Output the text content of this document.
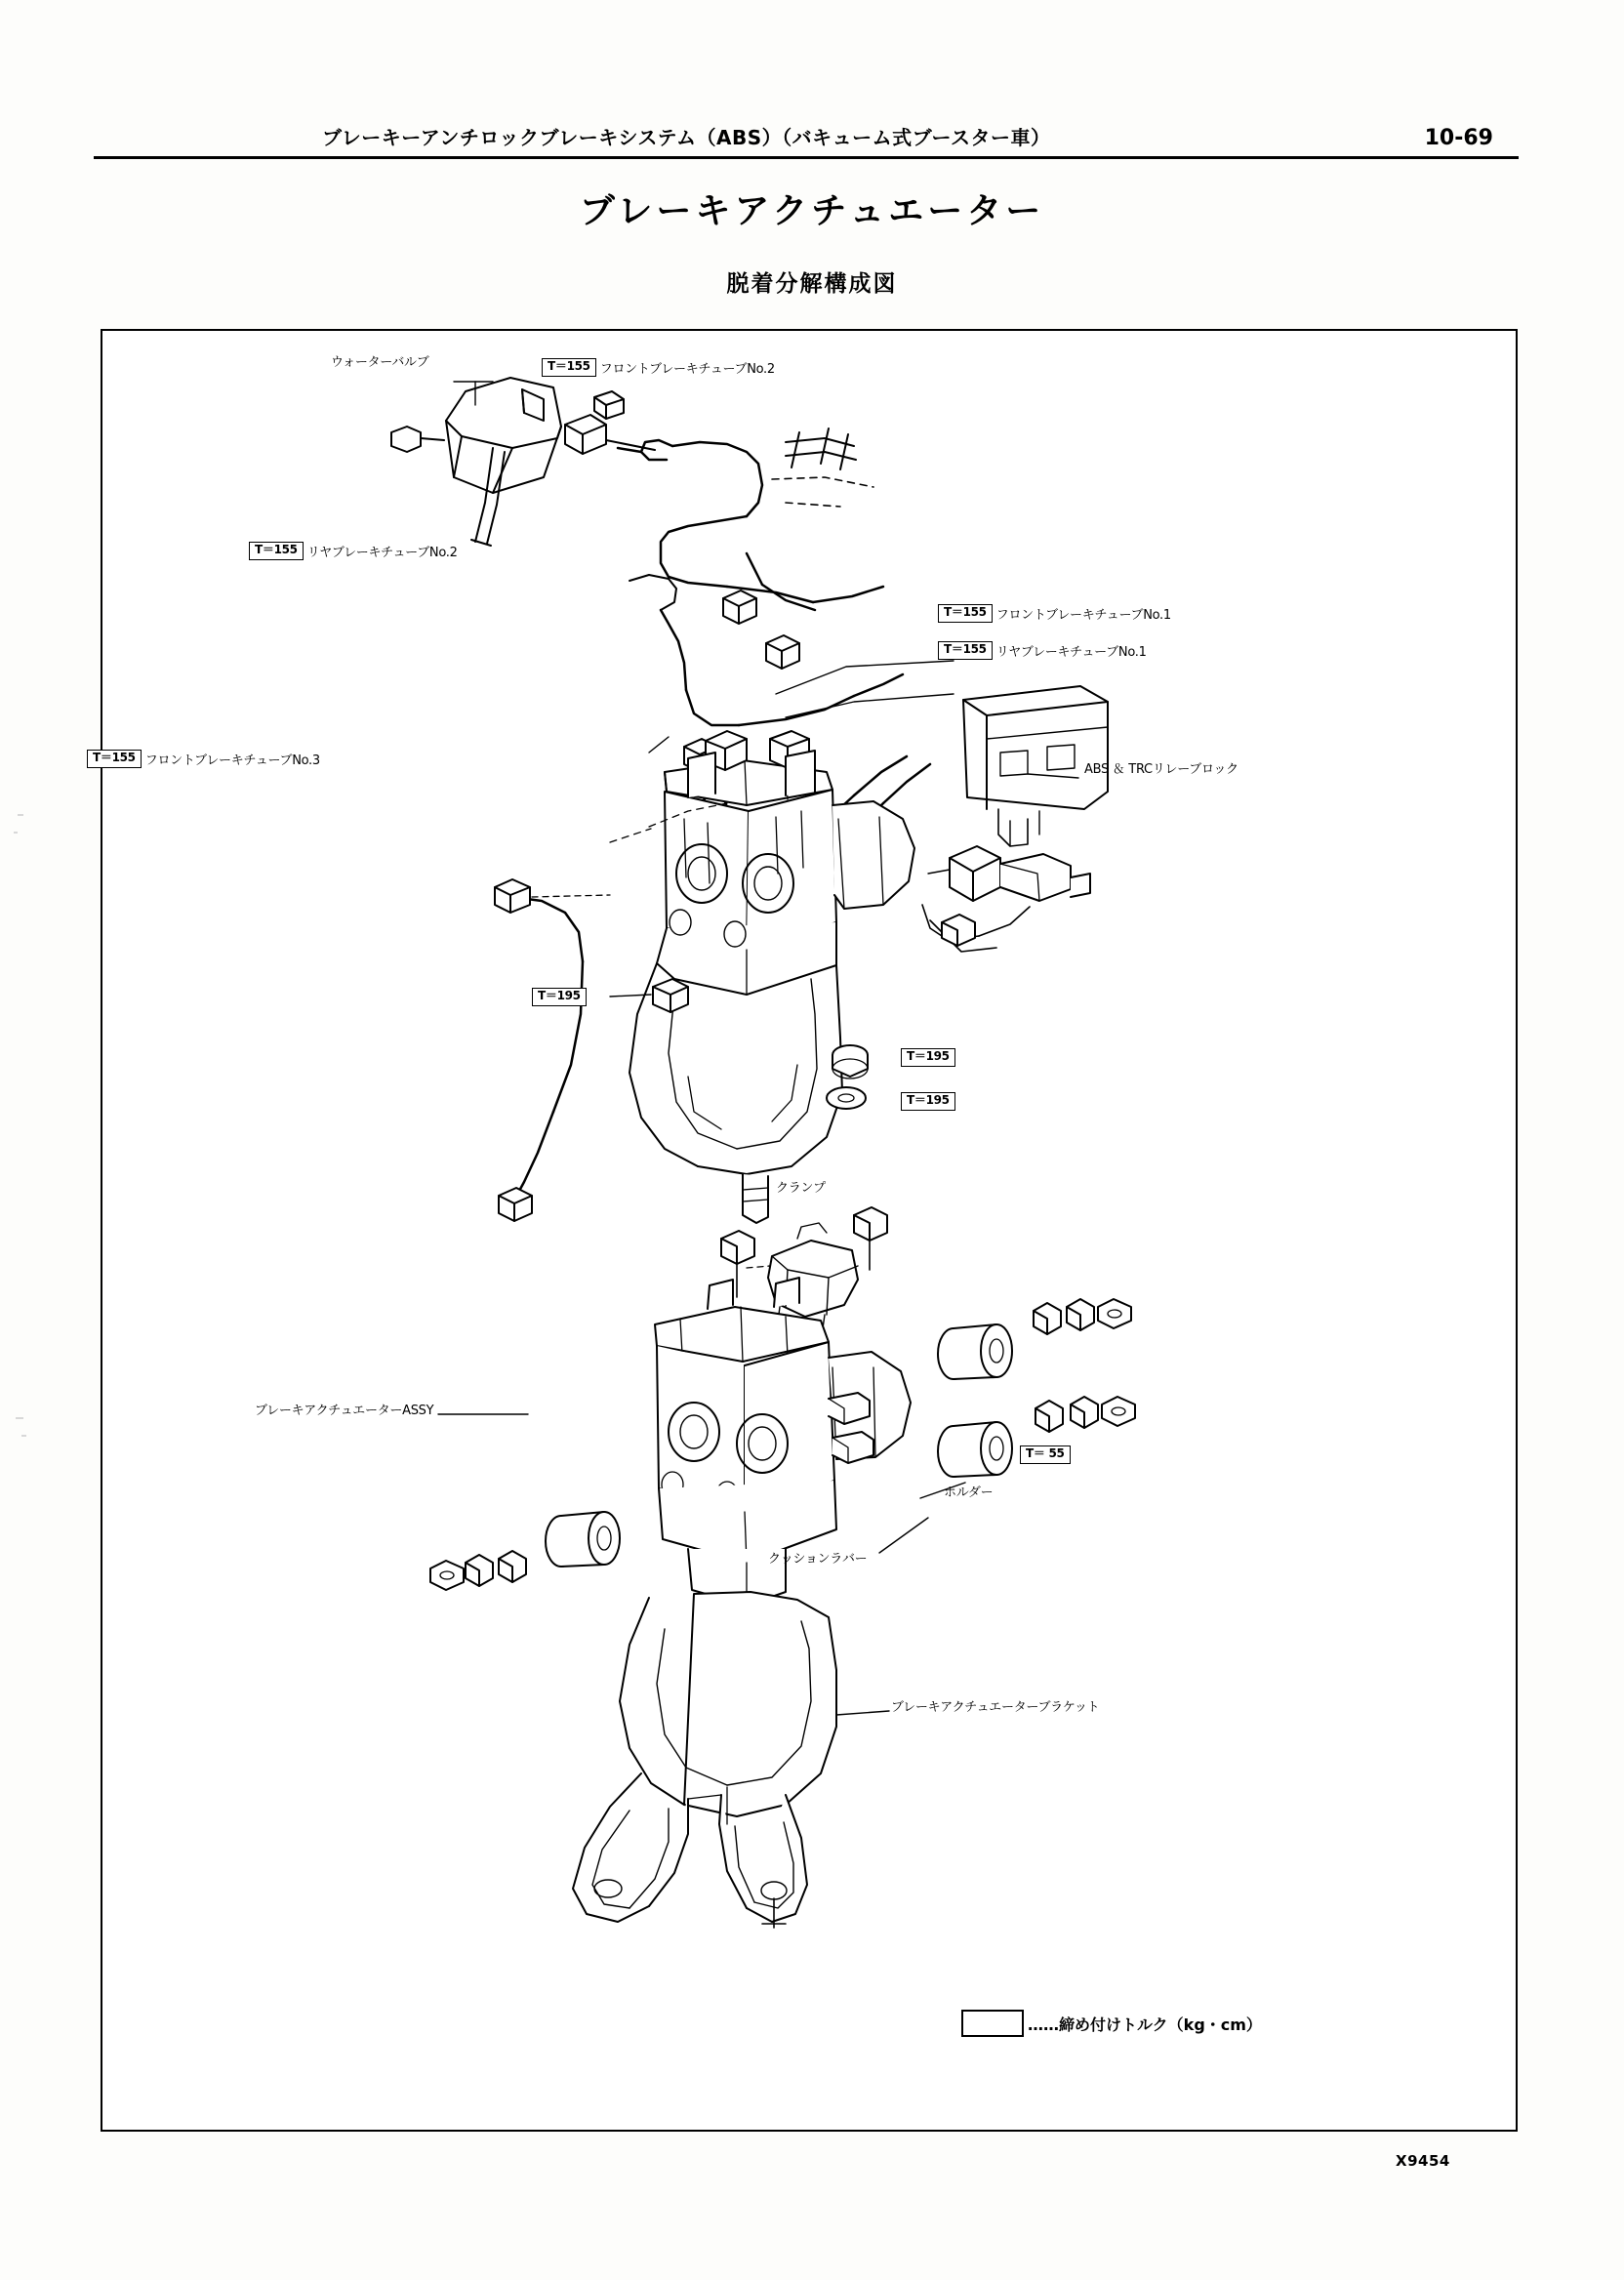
ブレーキーアンチロックブレーキシステム（ABS）（バキューム式ブースター車）	10-69
ブレーキアクチュエーター
脱着分解構成図
ウォーターバルブ	T＝155 フロントブレーキチューブNo.2
T＝155 リヤブレーキチューブNo.2
T＝155 フロントブレーキチューブNo.1
T＝155 リヤブレーキチューブNo.1
ABS ＆ TRCリレーブロック
T＝155 フロントブレーキチューブNo.3
T＝195
T＝195
T＝195
クランプ
ブレーキアクチュエーターASSY
ホルダー
クッションラバー
T＝ 55
ブレーキアクチュエーターブラケット
……締め付けトルク（kg・cm）
X9454
